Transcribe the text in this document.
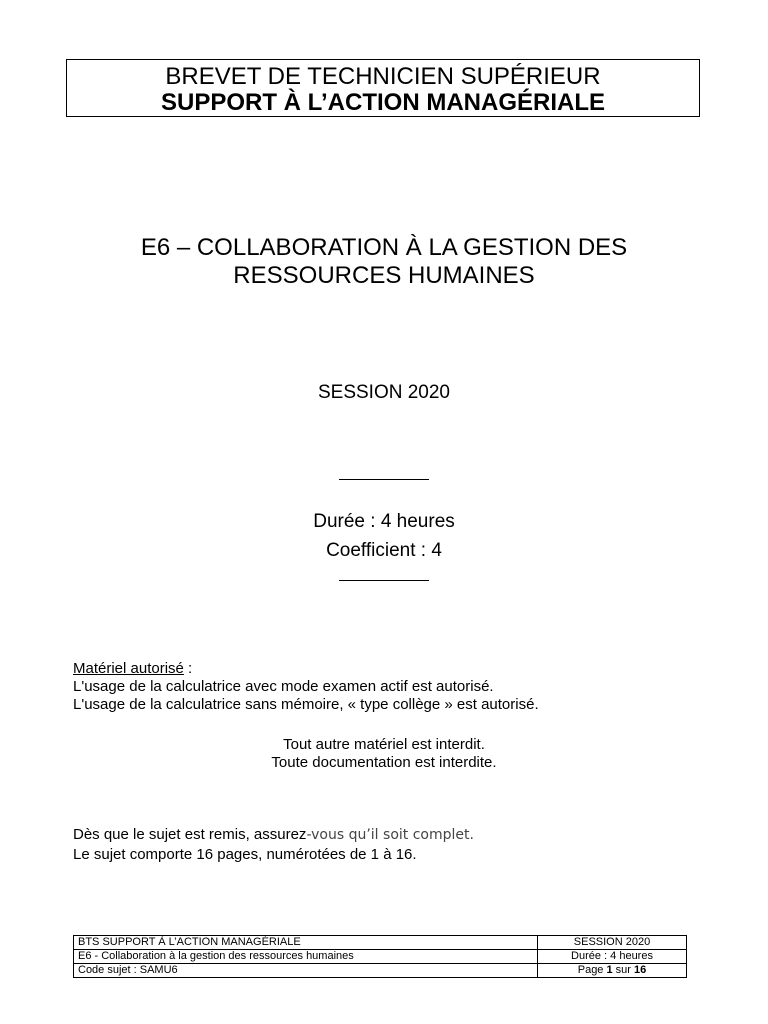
BREVET DE TECHNICIEN SUPÉRIEUR
SUPPORT À L’ACTION MANAGÉRIALE
E6 – COLLABORATION À LA GESTION DES
RESSOURCES HUMAINES
SESSION 2020
Durée : 4 heures
Coefficient : 4
Matériel autorisé :
L'usage de la calculatrice avec mode examen actif est autorisé.
L'usage de la calculatrice sans mémoire, « type collège » est autorisé.
Tout autre matériel est interdit.
Toute documentation est interdite.
Dès que le sujet est remis, assurez-vous qu’il soit complet.
Le sujet comporte 16 pages, numérotées de 1 à 16.
BTS SUPPORT À L’ACTION MANAGÉRIALE	SESSION 2020
E6 - Collaboration à la gestion des ressources humaines	Durée : 4 heures
Code sujet : SAMU6	Page 1 sur 16
